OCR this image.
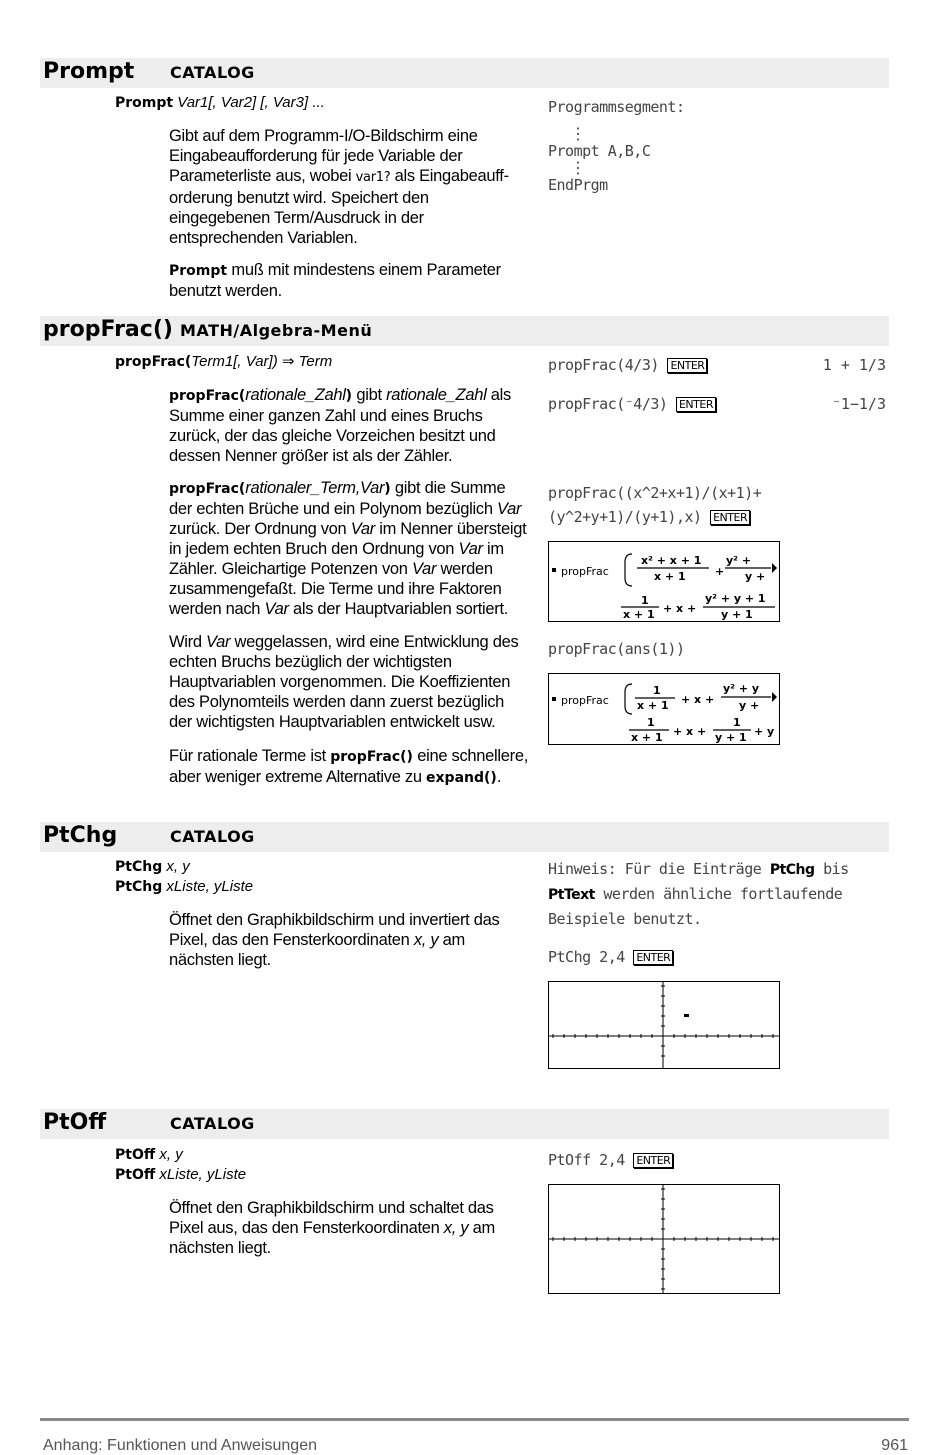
Prompt CATALOG
Prompt Var1[, Var2] [, Var3] ...
Gibt auf dem Programm-I/O-Bildschirm eine Eingabeaufforderung für jede Variable der Parameterliste aus, wobei var1? als Eingabeaufforderung benutzt wird. Speichert den eingegebenen Term/Ausdruck in der entsprechenden Variablen.
Prompt muß mit mindestens einem Parameter benutzt werden.
Programmsegment:
⋮
Prompt A,B,C
⋮
EndPrgm
propFrac() MATH/Algebra-Menü
propFrac(Term1[, Var]) ⇒ Term
propFrac(rationale_Zahl) gibt rationale_Zahl als Summe einer ganzen Zahl und eines Bruchs zurück, der das gleiche Vorzeichen besitzt und dessen Nenner größer ist als der Zähler.
propFrac(rationaler_Term,Var) gibt die Summe der echten Brüche und ein Polynom bezüglich Var zurück. Der Ordnung von Var im Nenner übersteigt in jedem echten Bruch den Ordnung von Var im Zähler. Gleichartige Potenzen von Var werden zusammengefaßt. Die Terme und ihre Faktoren werden nach Var als der Hauptvariablen sortiert.
Wird Var weggelassen, wird eine Entwicklung des echten Bruchs bezüglich der wichtigsten Hauptvariablen vorgenommen. Die Koeffizienten des Polynomteils werden dann zuerst bezüglich der wichtigsten Hauptvariablen entwickelt usw.
Für rationale Terme ist propFrac() eine schnellere, aber weniger extreme Alternative zu expand().
propFrac(4/3) ENTER	1 + 1/3
propFrac(⁻4/3) ENTER	⁻1−1/3
propFrac((x^2+x+1)/(x+1)+
(y^2+y+1)/(y+1),x) ENTER
propFrac
x² + x + 1
x + 1	+
y² +
y +
1
x + 1 + x +
y² + y + 1
y + 1
propFrac(ans(1))
propFrac
1
x + 1 + x +
y² + y
y +
1
x + 1 + x +
1
y + 1 + y
PtChg	CATALOG
PtChg x, y
PtChg xListe, yListe
Öffnet den Graphikbildschirm und invertiert das Pixel, das den Fensterkoordinaten x, y am nächsten liegt.
Hinweis: Für die Einträge PtChg bis PtText werden ähnliche fortlaufende Beispiele benutzt.
PtChg 2,4 ENTER
PtOff	CATALOG
PtOff x, y
PtOff xListe, yListe
Öffnet den Graphikbildschirm und schaltet das Pixel aus, das den Fensterkoordinaten x, y am nächsten liegt.
PtOff 2,4 ENTER
Anhang: Funktionen und Anweisungen	961
